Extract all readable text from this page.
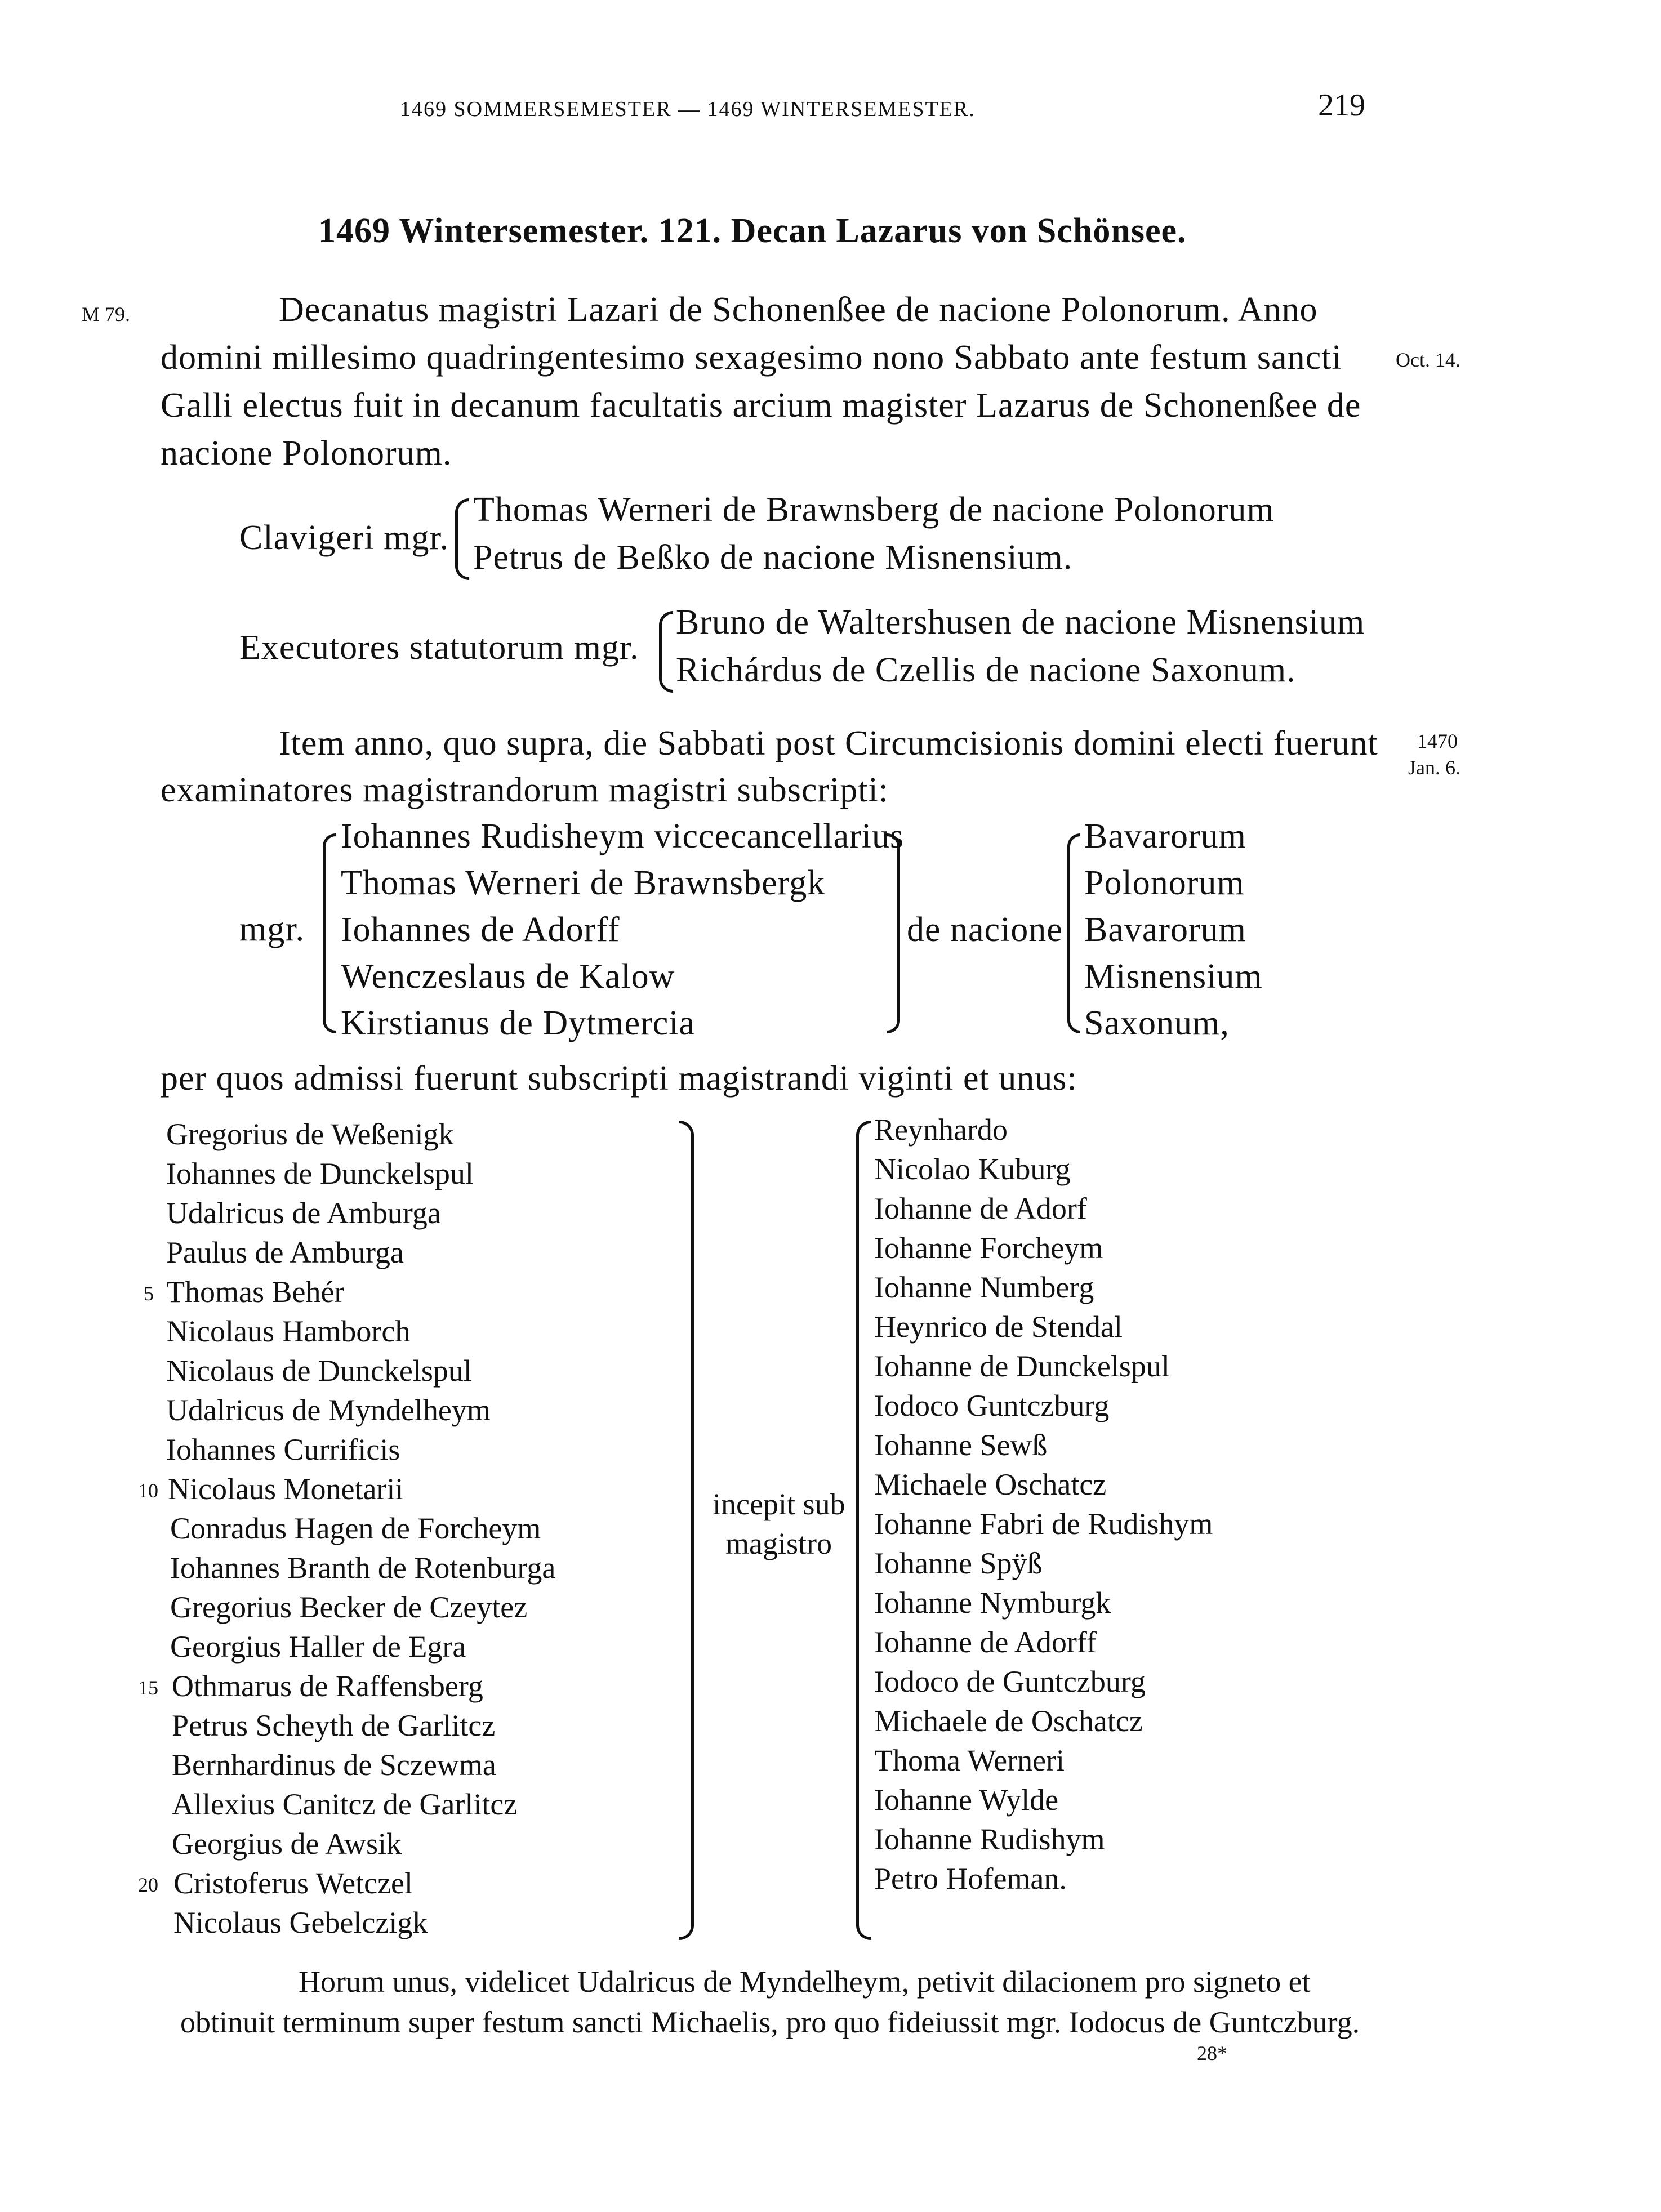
1469 SOMMERSEMESTER — 1469 WINTERSEMESTER.	219
1469 Wintersemester. 121. Decan Lazarus von Schönsee.
M 79.
Oct. 14.
1470
Jan. 6.
Decanatus magistri Lazari de Schonenßee de nacione Polonorum. Anno
domini millesimo quadringentesimo sexagesimo nono Sabbato ante festum sancti
Galli electus fuit in decanum facultatis arcium magister Lazarus de Schonenßee de
nacione Polonorum.
Clavigeri mgr.
Thomas Werneri de Brawnsberg de nacione Polonorum
Petrus de Beßko de nacione Misnensium.
Executores statutorum mgr.
Bruno de Waltershusen de nacione Misnensium
Richárdus de Czellis de nacione Saxonum.
Item anno, quo supra, die Sabbati post Circumcisionis domini electi fuerunt
examinatores magistrandorum magistri subscripti:
mgr.
Iohannes Rudisheym viccecancellarius
Thomas Werneri de Brawnsbergk
Iohannes de Adorff
Wenczeslaus de Kalow
Kirstianus de Dytmercia
de nacione
Bavarorum
Polonorum
Bavarorum
Misnensium
Saxonum,
per quos admissi fuerunt subscripti magistrandi viginti et unus:
Gregorius de Weßenigk
Iohannes de Dunckelspul
Udalricus de Amburga
Paulus de Amburga
5 Thomas Behér
Nicolaus Hamborch
Nicolaus de Dunckelspul
Udalricus de Myndelheym
Iohannes Currificis
10 Nicolaus Monetarii
Conradus Hagen de Forcheym
Iohannes Branth de Rotenburga
Gregorius Becker de Czeytez
Georgius Haller de Egra
15 Othmarus de Raffensberg
Petrus Scheyth de Garlitcz
Bernhardinus de Sczewma
Allexius Canitcz de Garlitcz
Georgius de Awsik
20 Cristoferus Wetczel
Nicolaus Gebelczigk
incepit sub
magistro
Reynhardo
Nicolao Kuburg
Iohanne de Adorf
Iohanne Forcheym
Iohanne Numberg
Heynrico de Stendal
Iohanne de Dunckelspul
Iodoco Guntczburg
Iohanne Sewß
Michaele Oschatcz
Iohanne Fabri de Rudishym
Iohanne Spÿß
Iohanne Nymburgk
Iohanne de Adorff
Iodoco de Guntczburg
Michaele de Oschatcz
Thoma Werneri
Iohanne Wylde
Iohanne Rudishym
Petro Hofeman.
Horum unus, videlicet Udalricus de Myndelheym, petivit dilacionem pro signeto et
obtinuit terminum super festum sancti Michaelis, pro quo fideiussit mgr. Iodocus de Guntczburg.
28*
